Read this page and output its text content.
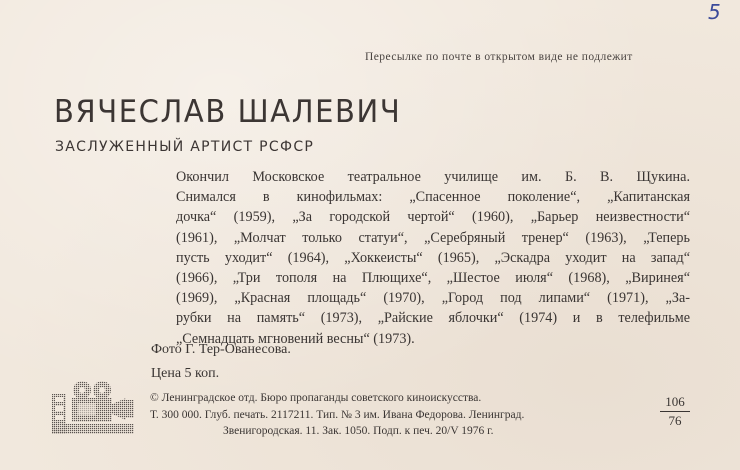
5
Пересылке по почте в открытом виде не подлежит
ВЯЧЕСЛАВ ШАЛЕВИЧ
ЗАСЛУЖЕННЫЙ АРТИСТ РСФСР
Окончил Московское театральное училище им. Б. В. Щукина.
Снимался в кинофильмах: „Спасенное поколение“, „Капитанская
дочка“ (1959), „За городской чертой“ (1960), „Барьер неизвестности“
(1961), „Молчат только статуи“, „Серебряный тренер“ (1963), „Теперь
пусть уходит“ (1964), „Хоккеисты“ (1965), „Эскадра уходит на запад“
(1966), „Три тополя на Плющихе“, „Шестое июля“ (1968), „Виринея“
(1969), „Красная площадь“ (1970), „Город под липами“ (1971), „За-
рубки на память“ (1973), „Райские яблочки“ (1974) и в телефильме
„Семнадцать мгновений весны“ (1973).
Фото Г. Тер-Ованесова.
Цена 5 коп.
© Ленинградское отд. Бюро пропаганды советского киноискусства.
Т. 300 000. Глуб. печать. 2117211. Тип. № 3 им. Ивана Федорова. Ленинград.
Звенигородская. 11. Зак. 1050. Подп. к печ. 20/V 1976 г.
106
76
